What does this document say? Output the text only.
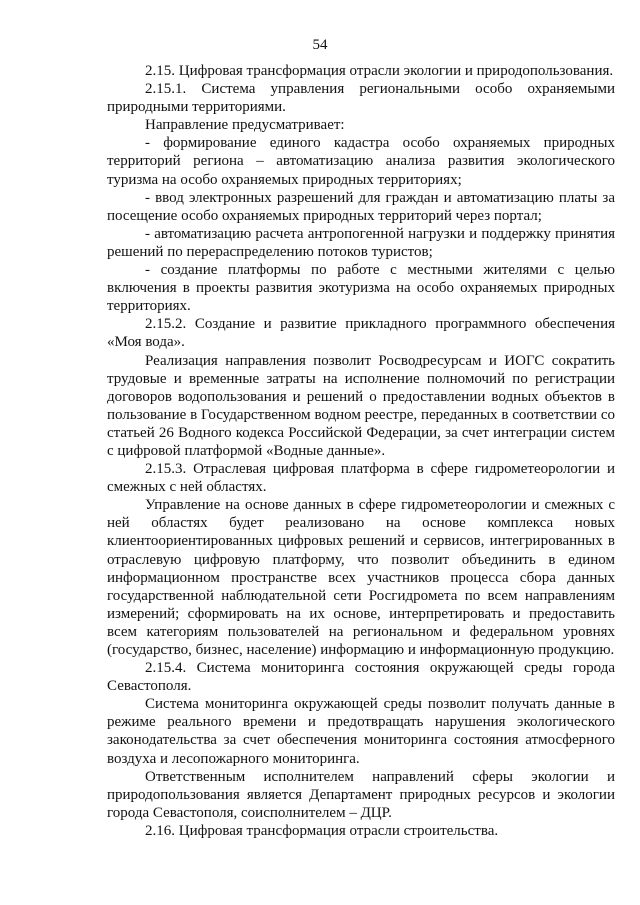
54

2.15. Цифровая трансформация отрасли экологии и природопользования.

2.15.1. Система управления региональными особо охраняемыми природными территориями.

Направление предусматривает:

- формирование единого кадастра особо охраняемых природных территорий региона – автоматизацию анализа развития экологического туризма на особо охраняемых природных территориях;

- ввод электронных разрешений для граждан и автоматизацию платы за посещение особо охраняемых природных территорий через портал;

- автоматизацию расчета антропогенной нагрузки и поддержку принятия решений по перераспределению потоков туристов;

- создание платформы по работе с местными жителями с целью включения в проекты развития экотуризма на особо охраняемых природных территориях.

2.15.2. Создание и развитие прикладного программного обеспечения «Моя вода».

Реализация направления позволит Росводресурсам и ИОГС сократить трудовые и временные затраты на исполнение полномочий по регистрации договоров водопользования и решений о предоставлении водных объектов в пользование в Государственном водном реестре, переданных в соответствии со статьей 26 Водного кодекса Российской Федерации, за счет интеграции систем с цифровой платформой «Водные данные».

2.15.3. Отраслевая цифровая платформа в сфере гидрометеорологии и смежных с ней областях.

Управление на основе данных в сфере гидрометеорологии и смежных с ней областях будет реализовано на основе комплекса новых клиентоориентированных цифровых решений и сервисов, интегрированных в отраслевую цифровую платформу, что позволит объединить в едином информационном пространстве всех участников процесса сбора данных государственной наблюдательной сети Росгидромета по всем направлениям измерений; сформировать на их основе, интерпретировать и предоставить всем категориям пользователей на региональном и федеральном уровнях (государство, бизнес, население) информацию и информационную продукцию.

2.15.4. Система мониторинга состояния окружающей среды города Севастополя.

Система мониторинга окружающей среды позволит получать данные в режиме реального времени и предотвращать нарушения экологического законодательства за счет обеспечения мониторинга состояния атмосферного воздуха и лесопожарного мониторинга.

Ответственным исполнителем направлений сферы экологии и природопользования является Департамент природных ресурсов и экологии города Севастополя, соисполнителем – ДЦР.

2.16. Цифровая трансформация отрасли строительства.
